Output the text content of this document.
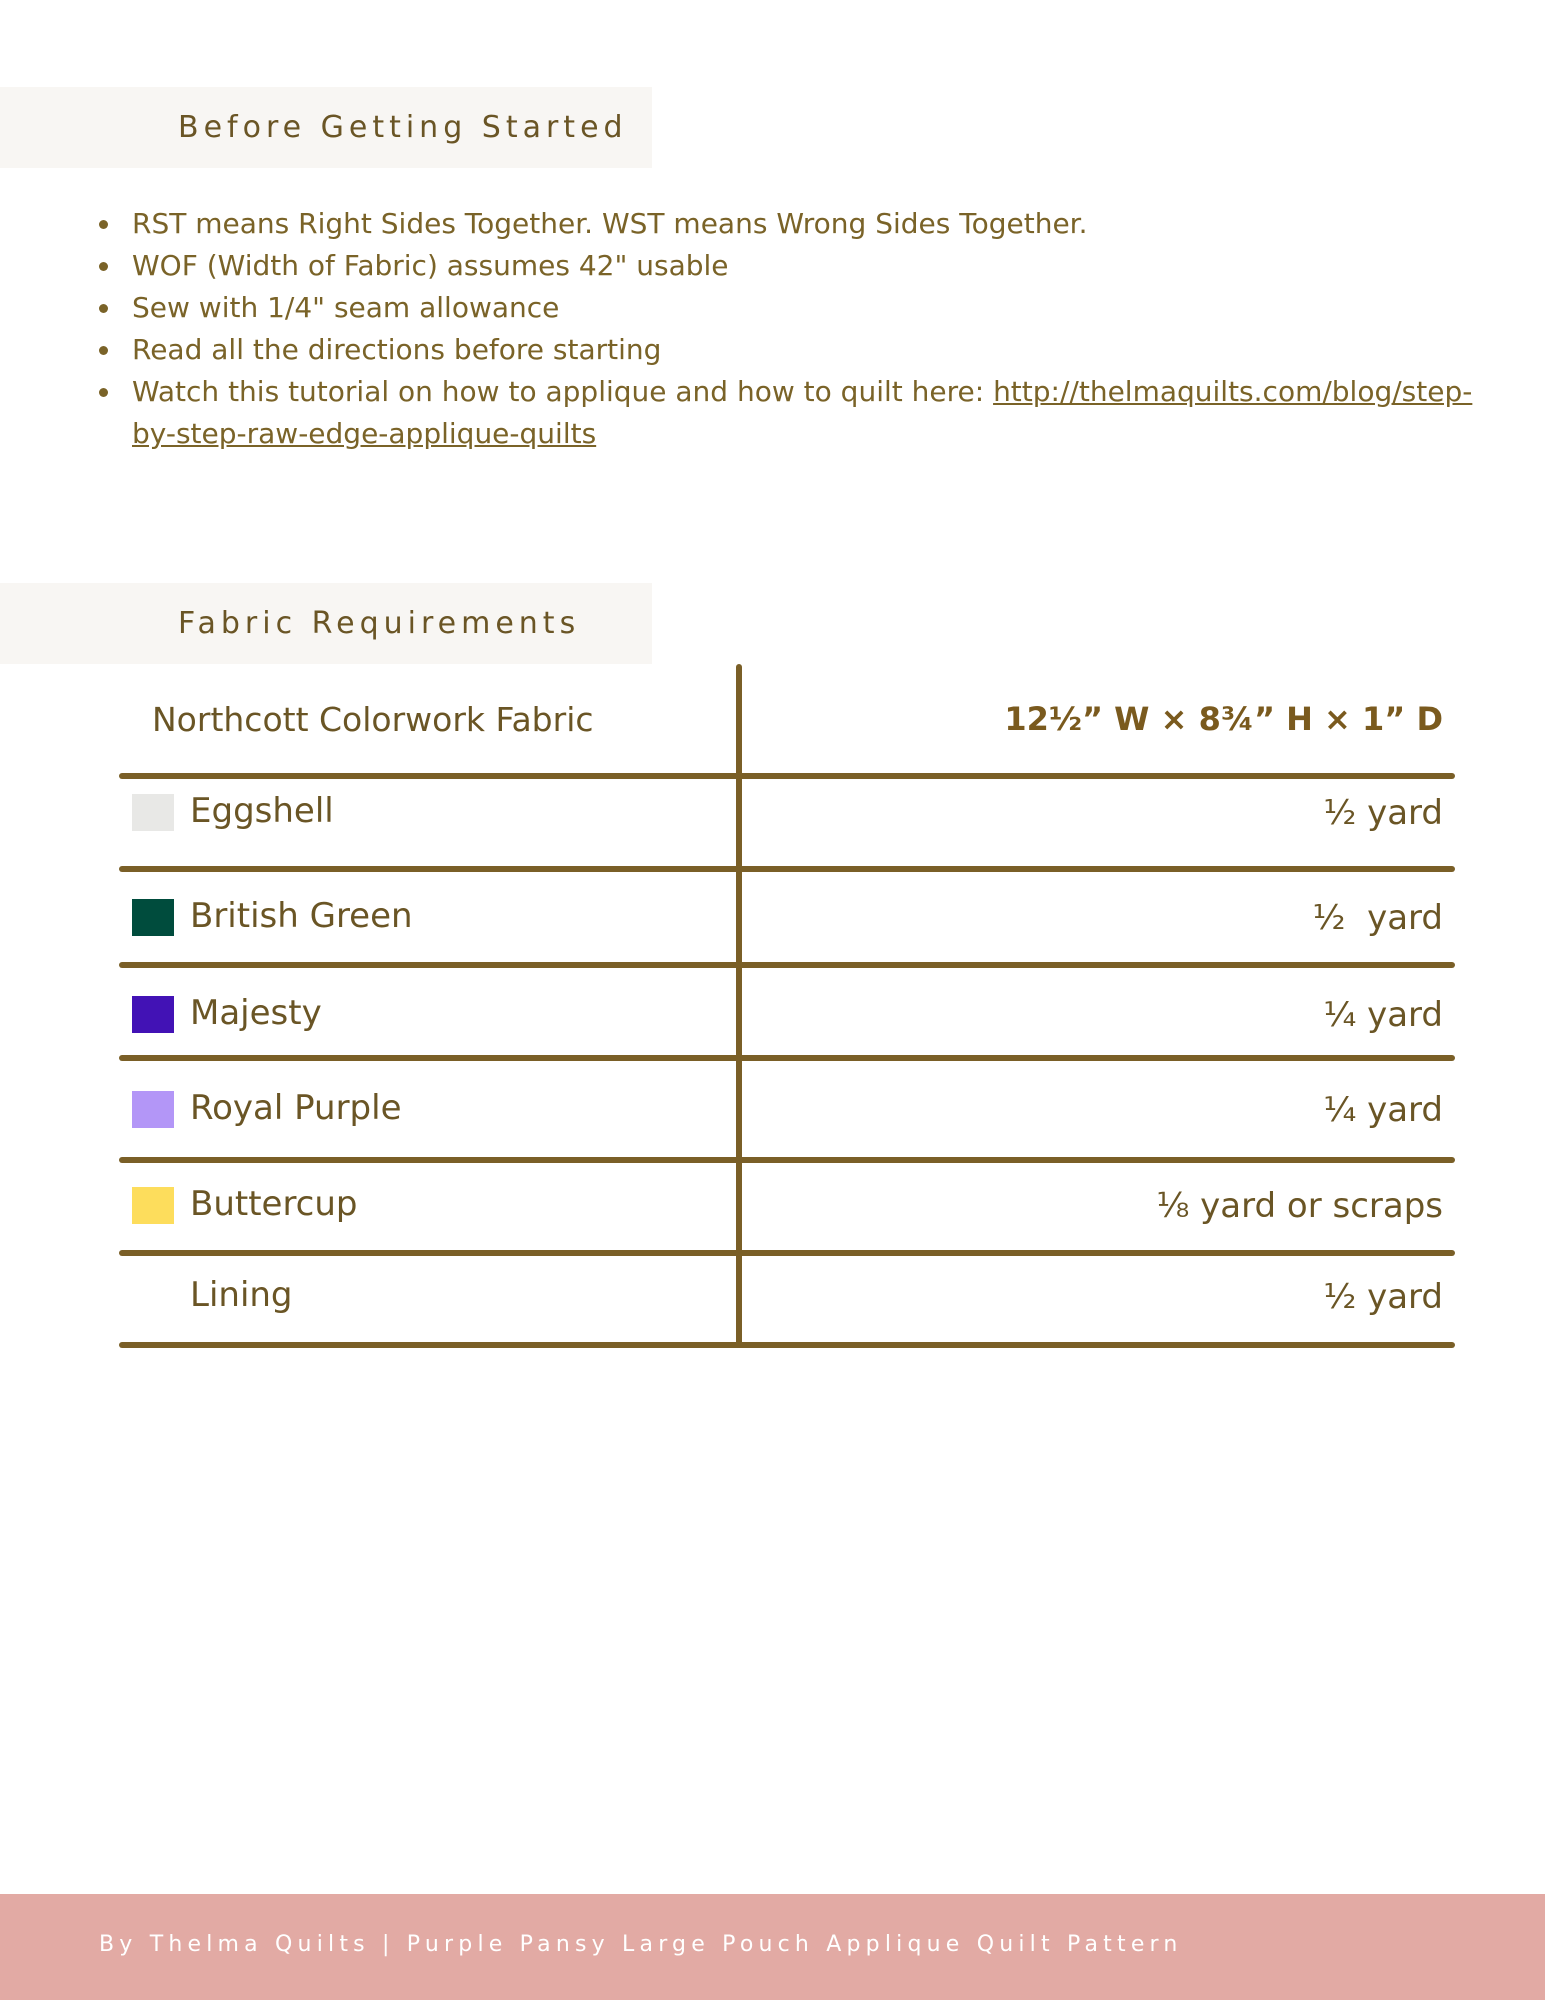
Before Getting Started
RST means Right Sides Together. WST means Wrong Sides Together.
WOF (Width of Fabric) assumes 42" usable
Sew with 1/4" seam allowance
Read all the directions before starting
Watch this tutorial on how to applique and how to quilt here: http://thelmaquilts.com/blog/step-by-step-raw-edge-applique-quilts
Fabric Requirements
Northcott Colorwork Fabric	12½” W × 8¾” H × 1” D
Eggshell	½ yard
British Green	½  yard
Majesty	¼ yard
Royal Purple	¼ yard
Buttercup	⅛ yard or scraps
Lining	½ yard
By Thelma Quilts | Purple Pansy Large Pouch Applique Quilt Pattern
